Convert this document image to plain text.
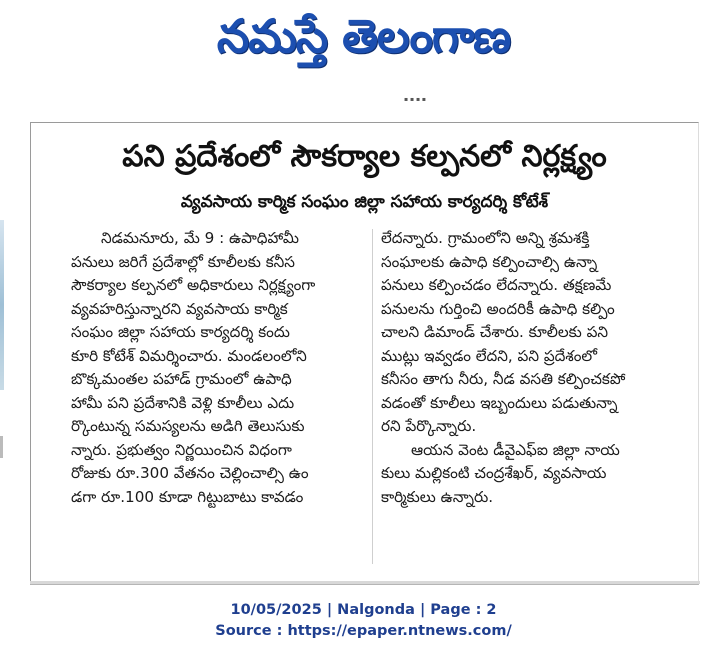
నమస్తే తెలంగాణ
▪ ▪ ▪ ▪
పని ప్రదేశంలో సౌకర్యాల కల్పనలో నిర్లక్ష్యం
వ్యవసాయ కార్మిక సంఘం జిల్లా సహాయ కార్యదర్శి కోటేశ్
నిడమనూరు, మే 9 : ఉపాధిహామీ
పనులు జరిగే ప్రదేశాల్లో కూలీలకు కనీస
సౌకర్యాల కల్పనలో అధికారులు నిర్లక్ష్యంగా
వ్యవహరిస్తున్నారని వ్యవసాయ కార్మిక
సంఘం జిల్లా సహాయ కార్యదర్శి కందు
కూరి కోటేశ్ విమర్శించారు. మండలంలోని
బొక్కమంతల పహాడ్ గ్రామంలో ఉపాధి
హామీ పని ప్రదేశానికి వెళ్లి కూలీలు ఎదు
ర్కొంటున్న సమస్యలను అడిగి తెలుసుకు
న్నారు. ప్రభుత్వం నిర్ణయించిన విధంగా
రోజుకు రూ.300 వేతనం చెల్లించాల్సి ఉం
డగా రూ.100 కూడా గిట్టుబాటు కావడం
లేదన్నారు. గ్రామంలోని అన్ని శ్రమశక్తి
సంఘాలకు ఉపాధి కల్పించాల్సి ఉన్నా
పనులు కల్పించడం లేదన్నారు. తక్షణమే
పనులను గుర్తించి అందరికీ ఉపాధి కల్పిం
చాలని డిమాండ్ చేశారు. కూలీలకు పని
ముట్లు ఇవ్వడం లేదని, పని ప్రదేశంలో
కనీసం తాగు నీరు, నీడ వసతి కల్పించకపో
వడంతో కూలీలు ఇబ్బందులు పడుతున్నా
రని పేర్కొన్నారు.
ఆయన వెంట డీవైఎఫ్ఐ జిల్లా నాయ
కులు మల్లికంటి చంద్రశేఖర్, వ్యవసాయ
కార్మికులు ఉన్నారు.
10/05/2025 | Nalgonda | Page : 2
Source : https://epaper.ntnews.com/
